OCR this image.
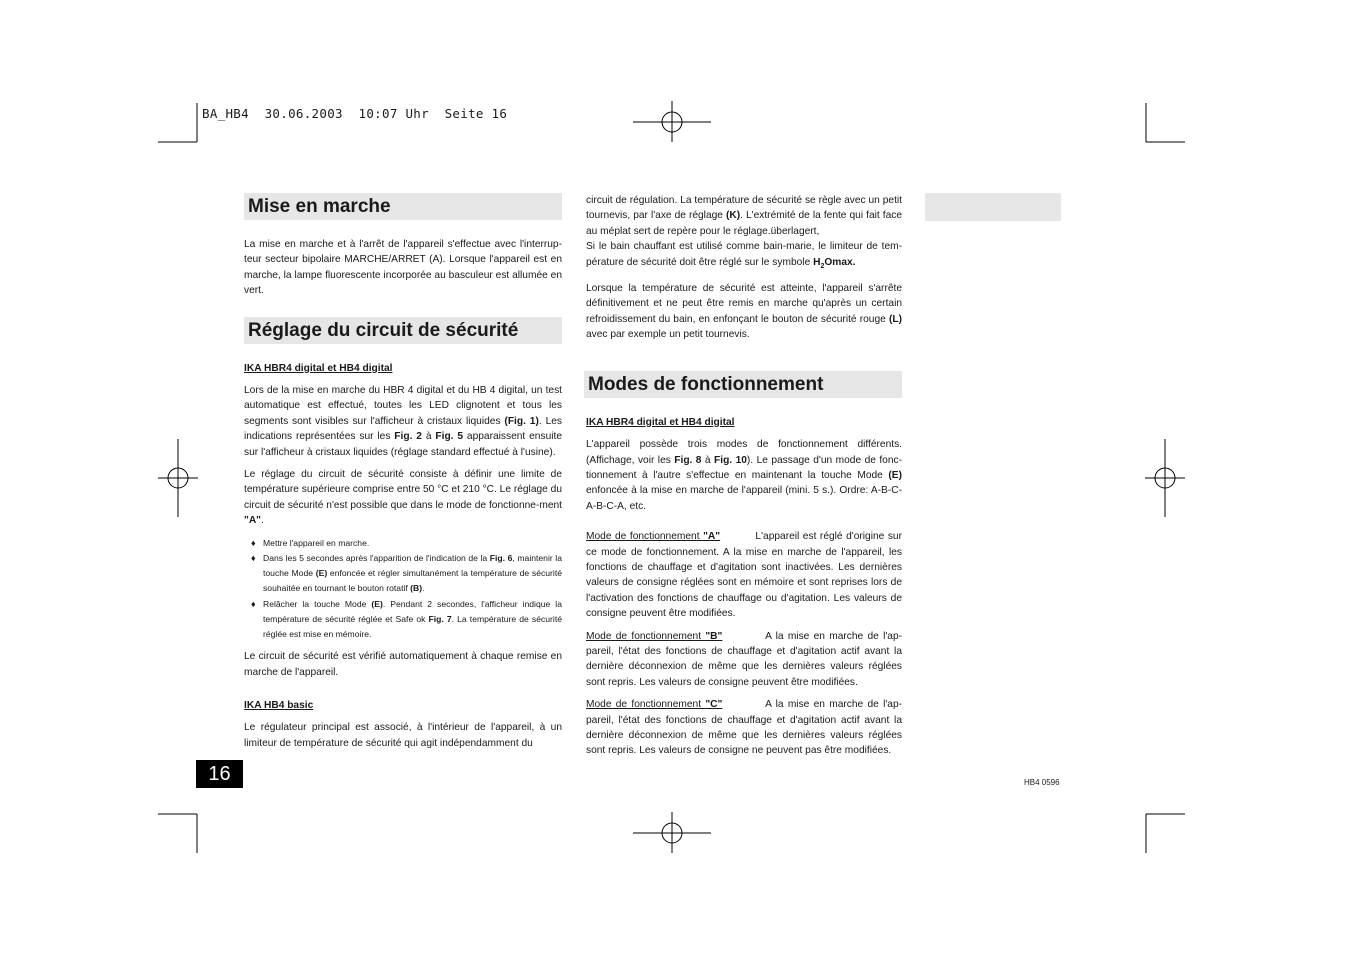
BA_HB4  30.06.2003  10:07 Uhr  Seite 16
Mise en marche

La mise en marche et à l'arrêt de l'appareil s'effectue avec l'interrup-teur secteur bipolaire MARCHE/ARRET (A). Lorsque l'appareil est en marche, la lampe fluorescente incorporée au basculeur est allumée en vert.

Réglage du circuit de sécurité

IKA HBR4 digital et HB4 digital

Lors de la mise en marche du HBR 4 digital et du HB 4 digital, un test automatique est effectué, toutes les LED clignotent et tous les segments sont visibles sur l'afficheur à cristaux liquides (Fig. 1). Les indications représentées sur les Fig. 2 à Fig. 5 apparaissent ensuite sur l'afficheur à cristaux liquides (réglage standard effectué à l'usine).

Le réglage du circuit de sécurité consiste à définir une limite de température supérieure comprise entre 50 °C et 210 °C. Le réglage du circuit de sécurité n'est possible que dans le mode de fonctionne-ment "A".

♦ Mettre l'appareil en marche.
♦ Dans les 5 secondes après l'apparition de l'indication de la Fig. 6, maintenir la touche Mode (E) enfoncée et régler simultanément la température de sécurité souhaitée en tournant le bouton rotatif (B).
♦ Relâcher la touche Mode (E). Pendant 2 secondes, l'afficheur indique la température de sécurité réglée et Safe ok Fig. 7. La température de sécurité réglée est mise en mémoire.

Le circuit de sécurité est vérifié automatiquement à chaque remise en marche de l'appareil.

IKA HB4 basic

Le régulateur principal est associé, à l'intérieur de l'appareil, à un limiteur de température de sécurité qui agit indépendamment du

circuit de régulation. La température de sécurité se règle avec un petit tournevis, par l'axe de réglage (K). L'extrémité de la fente qui fait face au méplat sert de repère pour le réglage.überlagert,

Si le bain chauffant est utilisé comme bain-marie, le limiteur de tem-pérature de sécurité doit être réglé sur le symbole $H_2Omax$.

Lorsque la température de sécurité est atteinte, l'appareil s'arrête définitivement et ne peut être remis en marche qu'après un certain refroidissement du bain, en enfonçant le bouton de sécurité rouge (L) avec par exemple un petit tournevis.

Modes de fonctionnement

IKA HBR4 digital et HB4 digital

L'appareil possède trois modes de fonctionnement différents. (Affichage, voir les Fig. 8 à Fig. 10). Le passage d'un mode de fonc-tionnement à l'autre s'effectue en maintenant la touche Mode (E) enfoncée à la mise en marche de l'appareil (mini. 5 s.). Ordre: A-B-C-A-B-C-A, etc.

Mode de fonctionnement "A"	L'appareil est réglé d'origine sur ce mode de fonctionnement. A la mise en marche de l'appareil, les fonctions de chauffage et d'agitation sont inactivées. Les dernières valeurs de consigne réglées sont en mémoire et sont reprises lors de l'activation des fonctions de chauffage ou d'agitation. Les valeurs de consigne peuvent être modifiées.

Mode de fonctionnement "B"	A la mise en marche de l'ap-pareil, l'état des fonctions de chauffage et d'agitation actif avant la dernière déconnexion de même que les dernières valeurs réglées sont repris. Les valeurs de consigne peuvent être modifiées.

Mode de fonctionnement "C"	A la mise en marche de l'ap-pareil, l'état des fonctions de chauffage et d'agitation actif avant la dernière déconnexion de même que les dernières valeurs réglées sont repris. Les valeurs de consigne ne peuvent pas être modifiées.

16	HB4 0596
